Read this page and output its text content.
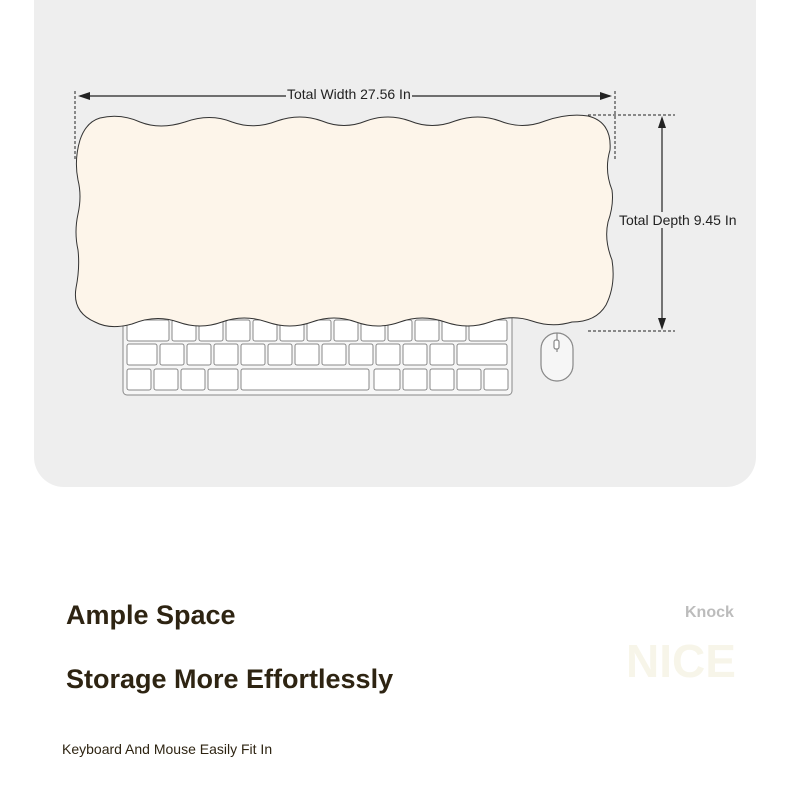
Total Width 27.56 In
Total Depth 9.45 In
Ample Space
Storage More Effortlessly
Keyboard And Mouse Easily Fit In
Knock
NICE
